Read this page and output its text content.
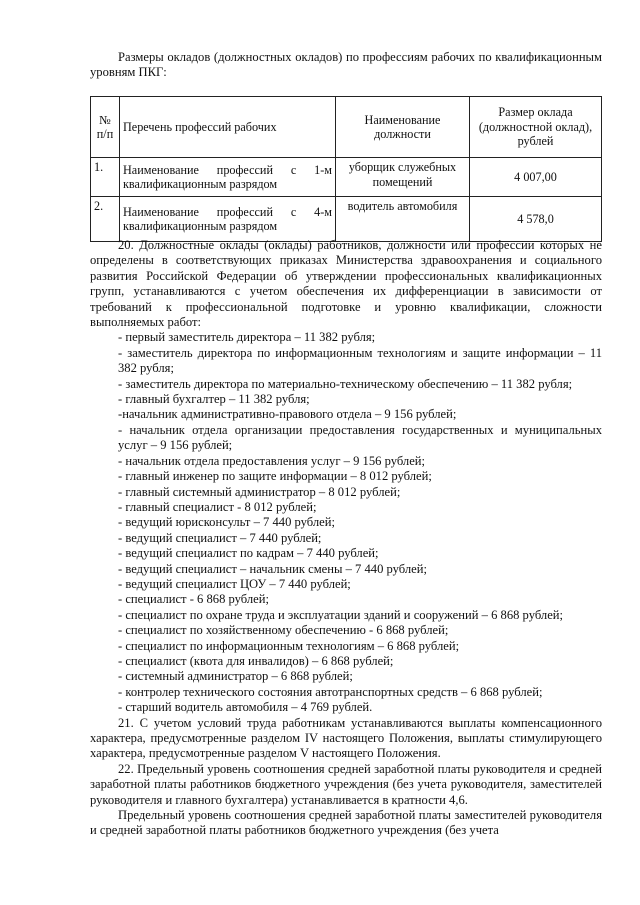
Размеры окладов (должностных окладов) по профессиям рабочих по квалификационным уровням ПКГ:

№ п/п	Перечень профессий рабочих	Наименование должности	Размер оклада (должностной оклад), рублей
1.	Наименование профессий с 1-м квалификационным разрядом	уборщик служебных помещений	4 007,00
2.	Наименование профессий с 4-м квалификационным разрядом	водитель автомобиля	4 578,0

20. Должностные оклады (оклады) работников, должности или профессии которых не определены в соответствующих приказах Министерства здравоохранения и социального развития Российской Федерации об утверждении профессиональных квалификационных групп, устанавливаются с учетом обеспечения их дифференциации в зависимости от требований к профессиональной подготовке и уровню квалификации, сложности выполняемых работ:

- первый заместитель директора – 11 382 рубля;

- заместитель директора по информационным технологиям и защите информации – 11 382 рубля;

- заместитель директора по материально-техническому обеспечению – 11 382 рубля;

- главный бухгалтер – 11 382 рубля;

-начальник административно-правового отдела – 9 156 рублей;

- начальник отдела организации предоставления государственных и муниципальных услуг – 9 156 рублей;

- начальник отдела предоставления услуг – 9 156 рублей;

- главный инженер по защите информации – 8 012 рублей;

- главный системный администратор – 8 012 рублей;

- главный специалист - 8 012 рублей;

- ведущий юрисконсульт – 7 440 рублей;

- ведущий специалист – 7 440 рублей;

- ведущий специалист по кадрам – 7 440 рублей;

- ведущий специалист – начальник смены – 7 440 рублей;

- ведущий специалист ЦОУ – 7 440 рублей;

- специалист - 6 868 рублей;

- специалист по охране труда и эксплуатации зданий и сооружений – 6 868 рублей;

- специалист по хозяйственному обеспечению - 6 868 рублей;

- специалист по информационным технологиям – 6 868 рублей;

- специалист (квота для инвалидов) – 6 868 рублей;

- системный администратор – 6 868 рублей;

- контролер технического состояния автотранспортных средств – 6 868 рублей;

- старший водитель автомобиля – 4 769 рублей.

21. С учетом условий труда работникам устанавливаются выплаты компенсационного характера, предусмотренные разделом IV настоящего Положения, выплаты стимулирующего характера, предусмотренные разделом V настоящего Положения.

22. Предельный уровень соотношения средней заработной платы руководителя и средней заработной платы работников бюджетного учреждения (без учета руководителя, заместителей руководителя и главного бухгалтера) устанавливается в кратности 4,6.

Предельный уровень соотношения средней заработной платы заместителей руководителя и средней заработной платы работников бюджетного учреждения (без учета
